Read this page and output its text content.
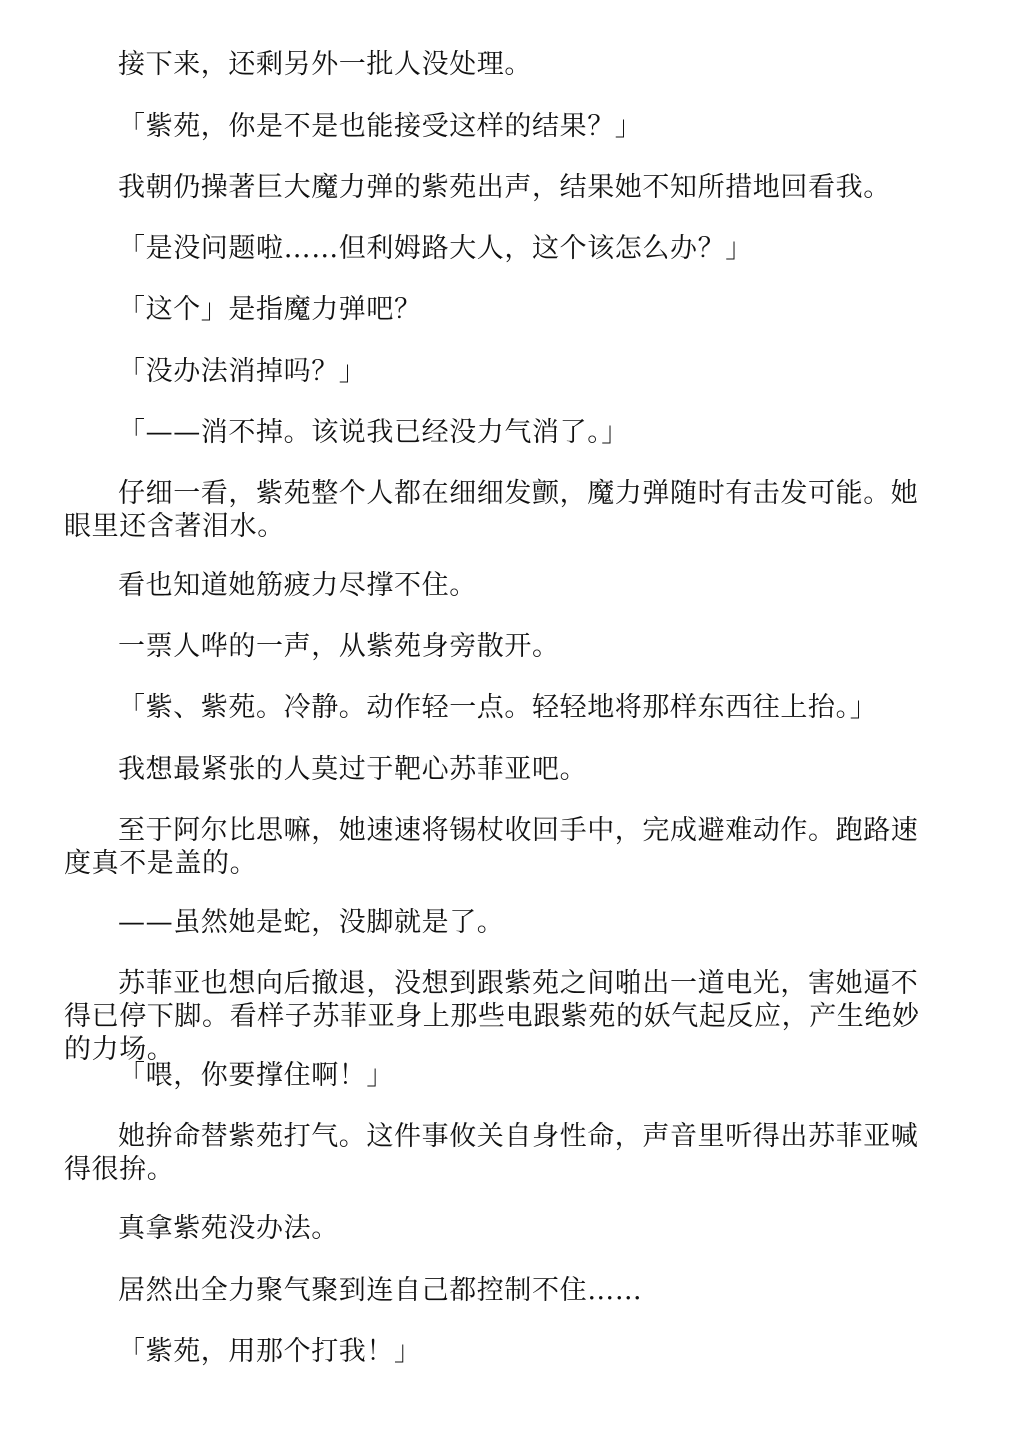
接下来，还剩另外一批人没处理。

「紫苑，你是不是也能接受这样的结果？」

我朝仍操著巨大魔力弹的紫苑出声，结果她不知所措地回看我。

「是没问题啦……但利姆路大人，这个该怎么办？」

「这个」是指魔力弹吧？

「没办法消掉吗？」

「——消不掉。该说我已经没力气消了。」

仔细一看，紫苑整个人都在细细发颤，魔力弹随时有击发可能。她眼里还含著泪水。

看也知道她筋疲力尽撑不住。

一票人哗的一声，从紫苑身旁散开。

「紫、紫苑。冷静。动作轻一点。轻轻地将那样东西往上抬。」

我想最紧张的人莫过于靶心苏菲亚吧。

至于阿尔比思嘛，她速速将锡杖收回手中，完成避难动作。跑路速度真不是盖的。

——虽然她是蛇，没脚就是了。

苏菲亚也想向后撤退，没想到跟紫苑之间啪出一道电光，害她逼不得已停下脚。看样子苏菲亚身上那些电跟紫苑的妖气起反应，产生绝妙的力场。

「喂，你要撑住啊！」

她拚命替紫苑打气。这件事攸关自身性命，声音里听得出苏菲亚喊得很拚。

真拿紫苑没办法。

居然出全力聚气聚到连自己都控制不住……

「紫苑，用那个打我！」
